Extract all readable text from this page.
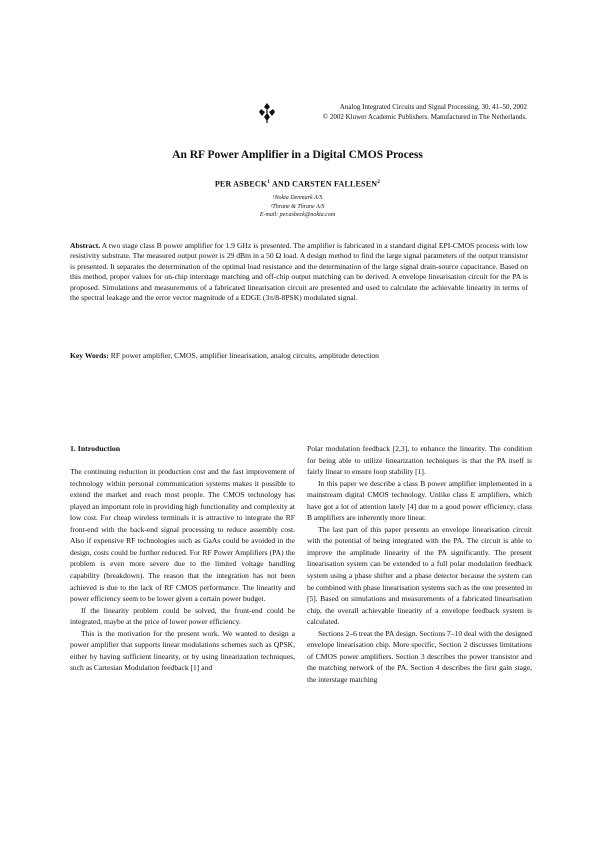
Analog Integrated Circuits and Signal Processing, 30, 41–50, 2002
© 2002 Kluwer Academic Publishers. Manufactured in The Netherlands.
An RF Power Amplifier in a Digital CMOS Process
PER ASBECK$^1$ AND CARSTEN FALLESEN$^2$
¹Nokia Denmark A/S
²Thrane & Thrane A/S
E-mail: per.asbeck@nokia.com

Abstract. A two stage class B power amplifier for 1.9 GHz is presented. The amplifier is fabricated in a standard digital EPI-CMOS process with low resistivity substrate. The measured output power is 29 dBm in a 50 Ω load. A design method to find the large signal parameters of the output transistor is presented. It separates the determination of the optimal load resistance and the determination of the large signal drain-source capacitance. Based on this method, proper values for on-chip interstage matching and off-chip output matching can be derived. A envelope linearisation circuit for the PA is proposed. Simulations and measurements of a fabricated linearisation circuit are presented and used to calculate the achievable linearity in terms of the spectral leakage and the error vector magnitude of a EDGE (3π/8-8PSK) modulated signal.

Key Words: RF power amplifier, CMOS, amplifier linearisation, analog circuits, amplitude detection

1. Introduction

The continuing reduction in production cost and the fast improvement of technology within personal communication systems makes it possible to extend the market and reach most people. The CMOS technology has played an important role in providing high functionality and complexity at low cost. For cheap wireless terminals it is attractive to integrate the RF front-end with the back-end signal processing to reduce assembly cost. Also if expensive RF technologies such as GaAs could be avoided in the design, costs could be further reduced. For RF Power Amplifiers (PA) the problem is even more severe due to the limited voltage handling capability (breakdown). The reason that the integration has not been achieved is due to the lack of RF CMOS performance. The linearity and power efficiency seem to be lower given a certain power budget.

If the linearity problem could be solved, the front-end could be integrated, maybe at the price of lower power efficiency.

This is the motivation for the present work. We wanted to design a power amplifier that supports linear modulations schemes such as QPSK, either by having sufficient linearity, or by using linearization techniques, such as Cartesian Modulation feedback [1] and

Polar modulation feedback [2,3], to enhance the linearity. The condition for being able to utilize linearization techniques is that the PA itself is fairly linear to ensure loop stability [1].

In this paper we describe a class B power amplifier implemented in a mainstream digital CMOS technology. Unlike class E amplifiers, which have got a lot of attention lately [4] due to a good power efficiency, class B amplifiers are inherently more linear.

The last part of this paper presents an envelope linearisation circuit with the potential of being integrated with the PA. The circuit is able to improve the amplitude linearity of the PA significantly. The present linearisation system can be extended to a full polar modulation feedback system using a phase shifter and a phase detector because the system can be combined with phase linearisation systems such as the one presented in [5]. Based on simulations and measurements of a fabricated linearisation chip, the overall achievable linearity of a envelope feedback system is calculated.

Sections 2–6 treat the PA design. Sections 7–10 deal with the designed envelope linearisation chip. More specific, Section 2 discusses limitations of CMOS power amplifiers. Section 3 describes the power transistor and the matching network of the PA. Section 4 describes the first gain stage, the interstage matching
